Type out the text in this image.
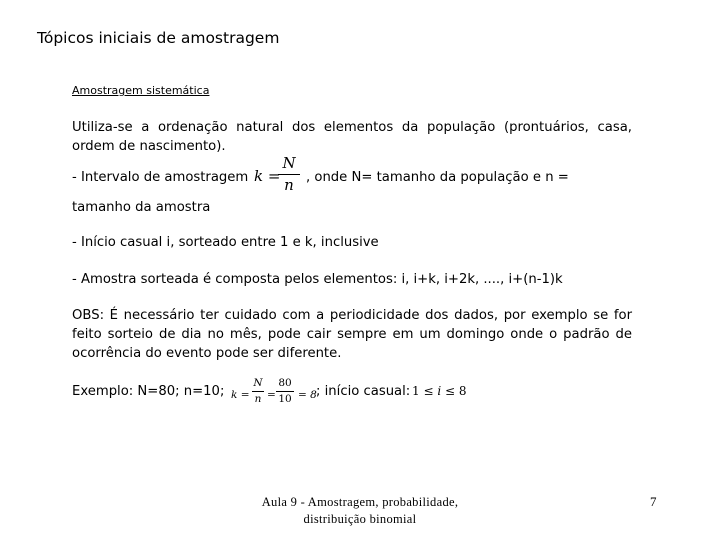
Tópicos iniciais de amostragem
Amostragem sistemática
Utiliza-se a ordenação natural dos elementos da população (prontuários, casa, ordem de nascimento).
- Intervalo de amostragem k =
N
n , onde N= tamanho da população e n =
tamanho da amostra
- Início casual i, sorteado entre 1 e k, inclusive
- Amostra sorteada é composta pelos elementos: i, i+k, i+2k, ...., i+(n-1)k
OBS: É necessário ter cuidado com a periodicidade dos dados, por exemplo se for feito sorteio de dia no mês, pode cair sempre em um domingo onde o padrão de ocorrência do evento pode ser diferente.
Exemplo: N=80; n=10; k =
N
n =
80
10 = 8 ; início casual: 1 ≤ i ≤ 8
Aula 9 - Amostragem, probabilidade,
distribuição binomial
7
